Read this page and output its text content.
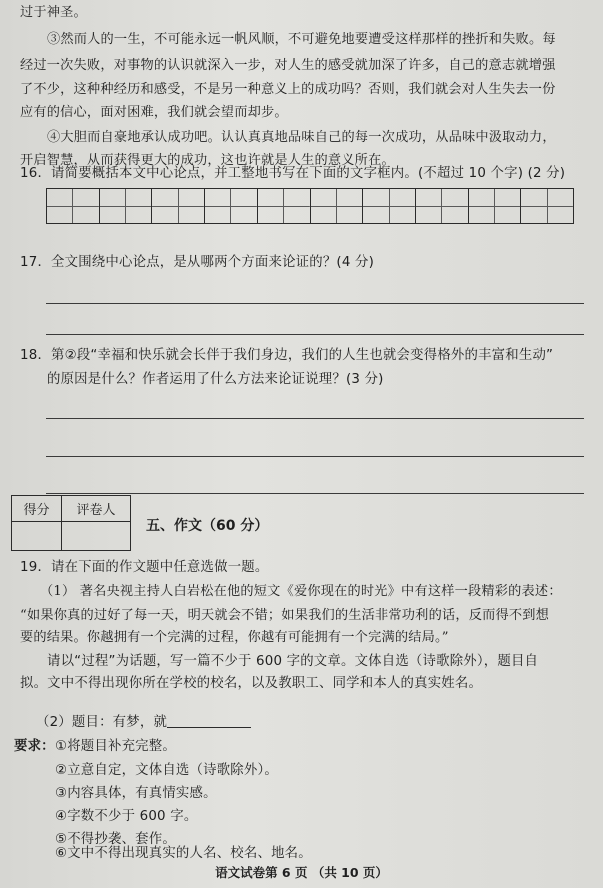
过于神圣。
③然而人的一生，不可能永远一帆风顺，不可避免地要遭受这样那样的挫折和失败。每
经过一次失败，对事物的认识就深入一步，对人生的感受就加深了许多，自己的意志就增强
了不少，这种种经历和感受，不是另一种意义上的成功吗？否则，我们就会对人生失去一份
应有的信心，面对困难，我们就会望而却步。
④大胆而自豪地承认成功吧。认认真真地品味自己的每一次成功，从品味中汲取动力，
开启智慧，从而获得更大的成功，这也许就是人生的意义所在。
16．请简要概括本文中心论点，并工整地书写在下面的文字框内。(不超过 10 个字) (2 分)
17．全文围绕中心论点，是从哪两个方面来论证的？(4 分)
18．第②段“幸福和快乐就会长伴于我们身边，我们的人生也就会变得格外的丰富和生动”
的原因是什么？作者运用了什么方法来论证说理？(3 分)
得分	评卷人
五、作文（60 分）
19．请在下面的作文题中任意选做一题。
（1） 著名央视主持人白岩松在他的短文《爱你现在的时光》中有这样一段精彩的表述：
“如果你真的过好了每一天，明天就会不错；如果我们的生活非常功利的话，反而得不到想
要的结果。你越拥有一个完满的过程，你越有可能拥有一个完满的结局。”
请以“过程”为话题，写一篇不少于 600 字的文章。文体自选（诗歌除外），题目自
拟。文中不得出现你所在学校的校名，以及教职工、同学和本人的真实姓名。
（2）题目：有梦，就
要求： ①将题目补充完整。
②立意自定，文体自选（诗歌除外）。
③内容具体，有真情实感。
④字数不少于 600 字。
⑤不得抄袭、套作。
⑥文中不得出现真实的人名、校名、地名。
语文试卷第 6 页 （共 10 页）
